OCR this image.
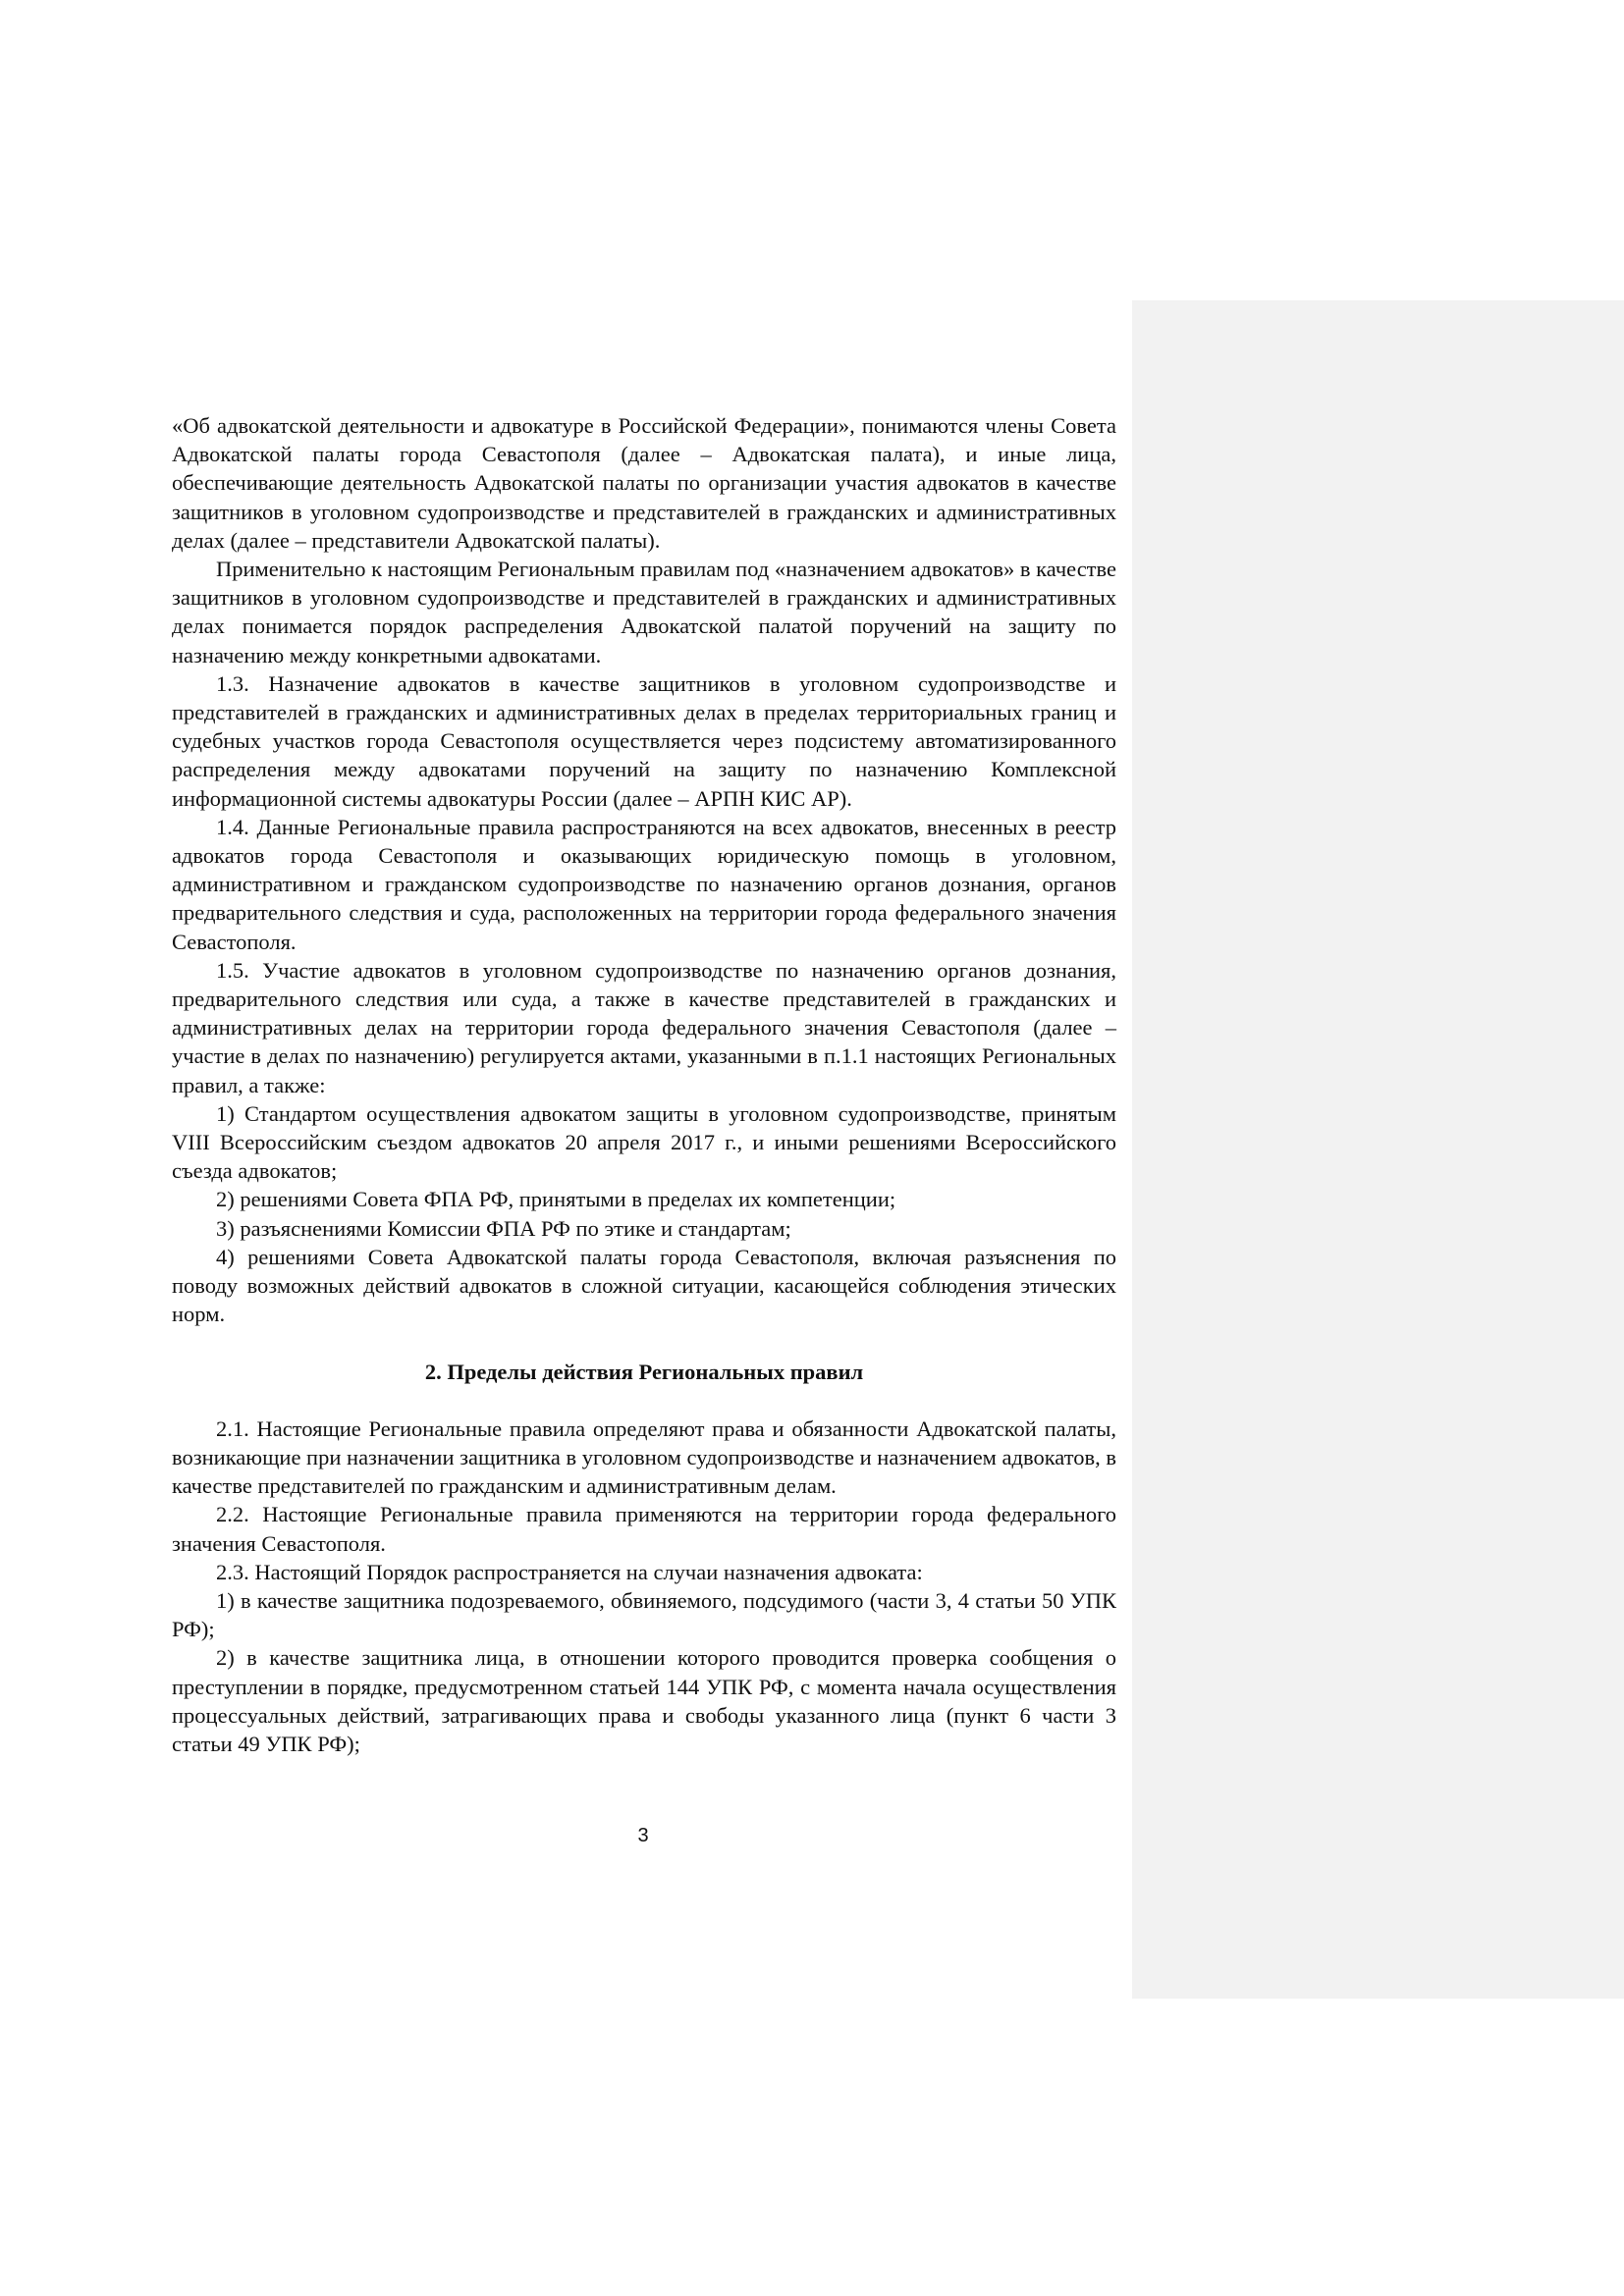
«Об адвокатской деятельности и адвокатуре в Российской Федерации», понимаются члены Совета Адвокатской палаты города Севастополя (далее – Адвокатская палата), и иные лица, обеспечивающие деятельность Адвокатской палаты по организации участия адвокатов в качестве защитников в уголовном судопроизводстве и представителей в гражданских и административных делах (далее – представители Адвокатской палаты).

Применительно к настоящим Региональным правилам под «назначением адвокатов» в качестве защитников в уголовном судопроизводстве и представителей в гражданских и административных делах понимается порядок распределения Адвокатской палатой поручений на защиту по назначению между конкретными адвокатами.

1.3. Назначение адвокатов в качестве защитников в уголовном судопроизводстве и представителей в гражданских и административных делах в пределах территориальных границ и судебных участков города Севастополя осуществляется через подсистему автоматизированного распределения между адвокатами поручений на защиту по назначению Комплексной информационной системы адвокатуры России (далее – АРПН КИС АР).

1.4. Данные Региональные правила распространяются на всех адвокатов, внесенных в реестр адвокатов города Севастополя и оказывающих юридическую помощь в уголовном, административном и гражданском судопроизводстве по назначению органов дознания, органов предварительного следствия и суда, расположенных на территории города федерального значения Севастополя.

1.5. Участие адвокатов в уголовном судопроизводстве по назначению органов дознания, предварительного следствия или суда, а также в качестве представителей в гражданских и административных делах на территории города федерального значения Севастополя (далее – участие в делах по назначению) регулируется актами, указанными в п.1.1 настоящих Региональных правил, а также:

1) Стандартом осуществления адвокатом защиты в уголовном судопроизводстве, принятым VIII Всероссийским съездом адвокатов 20 апреля 2017 г., и иными решениями Всероссийского съезда адвокатов;

2) решениями Совета ФПА РФ, принятыми в пределах их компетенции;

3) разъяснениями Комиссии ФПА РФ по этике и стандартам;

4) решениями Совета Адвокатской палаты города Севастополя, включая разъяснения по поводу возможных действий адвокатов в сложной ситуации, касающейся соблюдения этических норм.

2. Пределы действия Региональных правил

2.1. Настоящие Региональные правила определяют права и обязанности Адвокатской палаты, возникающие при назначении защитника в уголовном судопроизводстве и назначением адвокатов, в качестве представителей по гражданским и административным делам.

2.2. Настоящие Региональные правила применяются на территории города федерального значения Севастополя.

2.3. Настоящий Порядок распространяется на случаи назначения адвоката:

1) в качестве защитника подозреваемого, обвиняемого, подсудимого (части 3, 4 статьи 50 УПК РФ);

2) в качестве защитника лица, в отношении которого проводится проверка сообщения о преступлении в порядке, предусмотренном статьей 144 УПК РФ, с момента начала осуществления процессуальных действий, затрагивающих права и свободы указанного лица (пункт 6 части 3 статьи 49 УПК РФ);

3
